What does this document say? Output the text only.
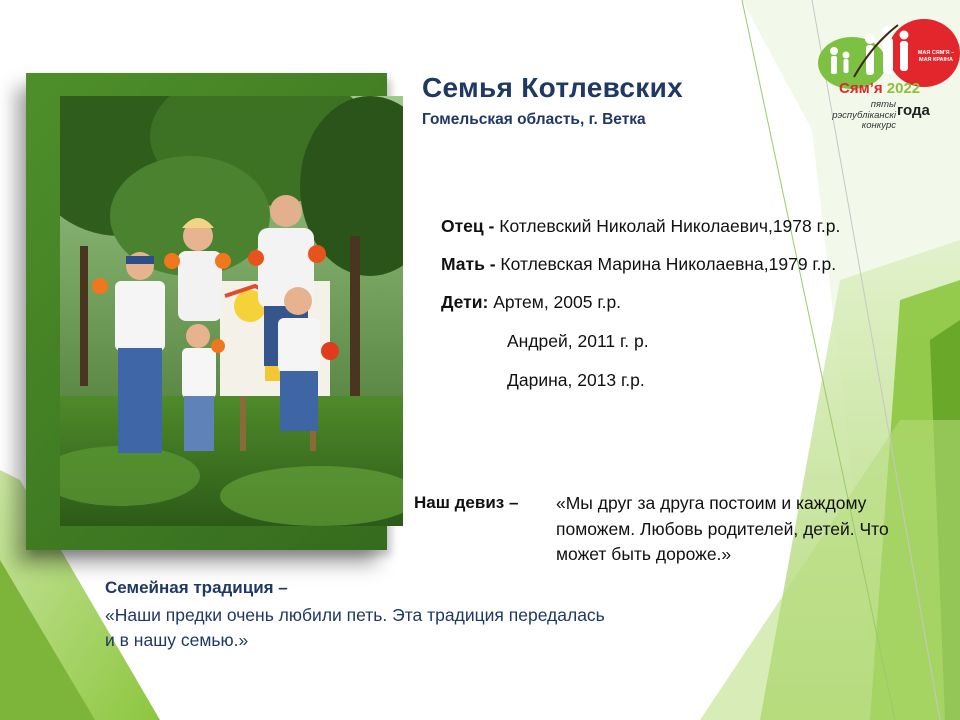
Семья Котлевских
Гомельская область, г. Ветка
Отец - Котлевский Николай Николаевич,1978 г.р.
Мать - Котлевская Марина Николаевна,1979 г.р.
Дети: Артем, 2005 г.р.
Андрей, 2011 г. р.
Дарина, 2013 г.р.
Наш девиз – «Мы друг за друга постоим и каждому поможем. Любовь родителей, детей. Что может быть дороже.»
Семейная традиция –
«Наши предки очень любили петь. Эта традиция передалась и в нашу семью.»
МАЯ СЯМ'Я – МАЯ КРАІНА
Сям’я 2022
года
пяты рэспубліканскі конкурс
